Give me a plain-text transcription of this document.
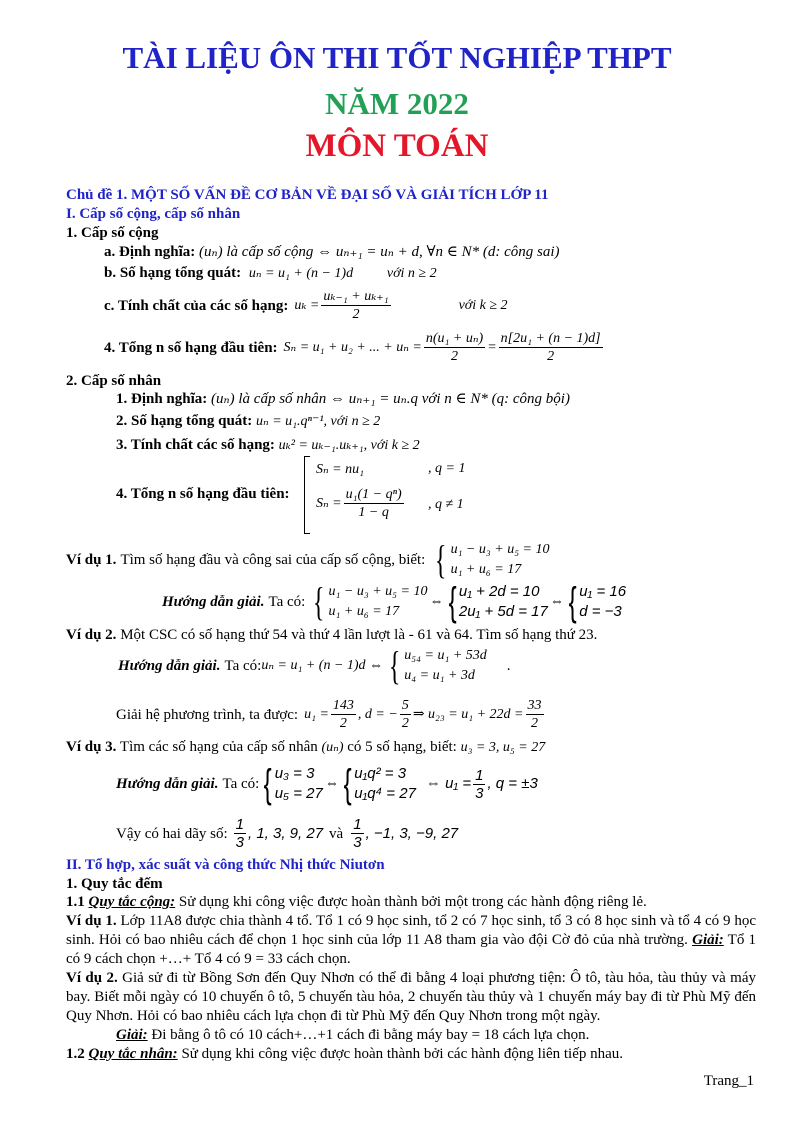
TÀI LIỆU ÔN THI TỐT NGHIỆP THPT
NĂM 2022
MÔN TOÁN
Chủ đề 1. MỘT SỐ VẤN ĐỀ CƠ BẢN VỀ ĐẠI SỐ VÀ GIẢI TÍCH LỚP 11
I. Cấp số cộng, cấp số nhân
1. Cấp số cộng
a. Định nghĩa: (uₙ) là cấp số cộng ⇔ uₙ₊₁ = uₙ + d, ∀n ∈ N* (d: công sai)
b. Số hạng tổng quát: uₙ = u₁ + (n − 1)d với n ≥ 2
c. Tính chất của các số hạng: $u_k = \frac{\text{uₖ₋₁ + uₖ₊₁}}{2}$	với k ≥ 2
4. Tổng n số hạng đầu tiên: Sₙ = u₁ + u₂ + ... + $u_n = \frac{\text{n(u₁ + uₙ)}}{2} = \frac{\text{n[2u₁ + (n − 1)d]}}{2}$
2. Cấp số nhân
1. Định nghĩa: (uₙ) là cấp số nhân ⇔ uₙ₊₁ = uₙ.q với n ∈ N* (q: công bội)
2. Số hạng tổng quát: uₙ = u₁.qⁿ⁻¹, với n ≥ 2
3. Tính chất các số hạng: uₖ² = uₖ₋₁.uₖ₊₁, với k ≥ 2
4. Tổng n số hạng đầu tiên:
Sₙ = nu₁	, q = 1
$S_n = \frac{\text{u₁(1 − qⁿ)}}{1 - q}$ , q ≠ 1
Ví dụ 1. Tìm số hạng đầu và công sai của cấp số cộng, biết: { u₁ − u₃ + u₅ = 10
u₁ + u₆ = 17
Hướng dẫn giải. Ta có: { u₁ − u₃ + u₅ = 10
u₁ + u₆ = 17
⇔ { u₁ + 2d = 10
2u₁ + 5d = 17
⇔ { u₁ = 16
d = −3
Ví dụ 2. Một CSC có số hạng thứ 54 và thứ 4 lần lượt là - 61 và 64. Tìm số hạng thứ 23.
Hướng dẫn giải. Ta có: uₙ = u₁ + (n − 1)d ⇔ { u₅₄ = u₁ + 53d
u₄ = u₁ + 3d
.
Giải hệ phương trình, ta được: $u_1 = \frac{143}{2}$ , d = − $\frac{5}{2}$ ⇒ $u_{23} = u_1 + 22d = \frac{33}{2}$
Ví dụ 3. Tìm các số hạng của cấp số nhân (uₙ) có 5 số hạng, biết: u₃ = 3, u₅ = 27
Hướng dẫn giải. Ta có: { u₃ = 3
u₅ = 27
⇔ { u₁q² = 3
u₁q⁴ = 27
⇔ $u_1 = \frac{1}{3}$ , q = ±3
Vậy có hai dãy số: $\frac{1}{3}$ , 1, 3, 9, 27 và $\frac{1}{3}$ , −1, 3, −9, 27
II. Tổ hợp, xác suất và công thức Nhị thức Niutơn
1. Quy tắc đếm
1.1 Quy tắc cộng: Sử dụng khi công việc được hoàn thành bởi một trong các hành động riêng lẻ.
Ví dụ 1. Lớp 11A8 được chia thành 4 tổ. Tổ 1 có 9 học sinh, tổ 2 có 7 học sinh, tổ 3 có 8 học sinh và tổ 4 có 9 học sinh. Hỏi có bao nhiêu cách để chọn 1 học sinh của lớp 11 A8 tham gia vào đội Cờ đỏ của nhà trường. Giải: Tổ 1 có 9 cách chọn +…+ Tổ 4 có 9 = 33 cách chọn.
Ví dụ 2. Giả sử đi từ Bồng Sơn đến Quy Nhơn có thể đi bằng 4 loại phương tiện: Ô tô, tàu hỏa, tàu thủy và máy bay. Biết mỗi ngày có 10 chuyến ô tô, 5 chuyến tàu hỏa, 2 chuyến tàu thủy và 1 chuyến máy bay đi từ Phù Mỹ đến Quy Nhơn. Hỏi có bao nhiêu cách lựa chọn đi từ Phù Mỹ đến Quy Nhơn trong một ngày.
Giải: Đi bằng ô tô có 10 cách+…+1 cách đi bằng máy bay = 18 cách lựa chọn.
1.2 Quy tắc nhân: Sử dụng khi công việc được hoàn thành bởi các hành động liên tiếp nhau.
Trang_1
